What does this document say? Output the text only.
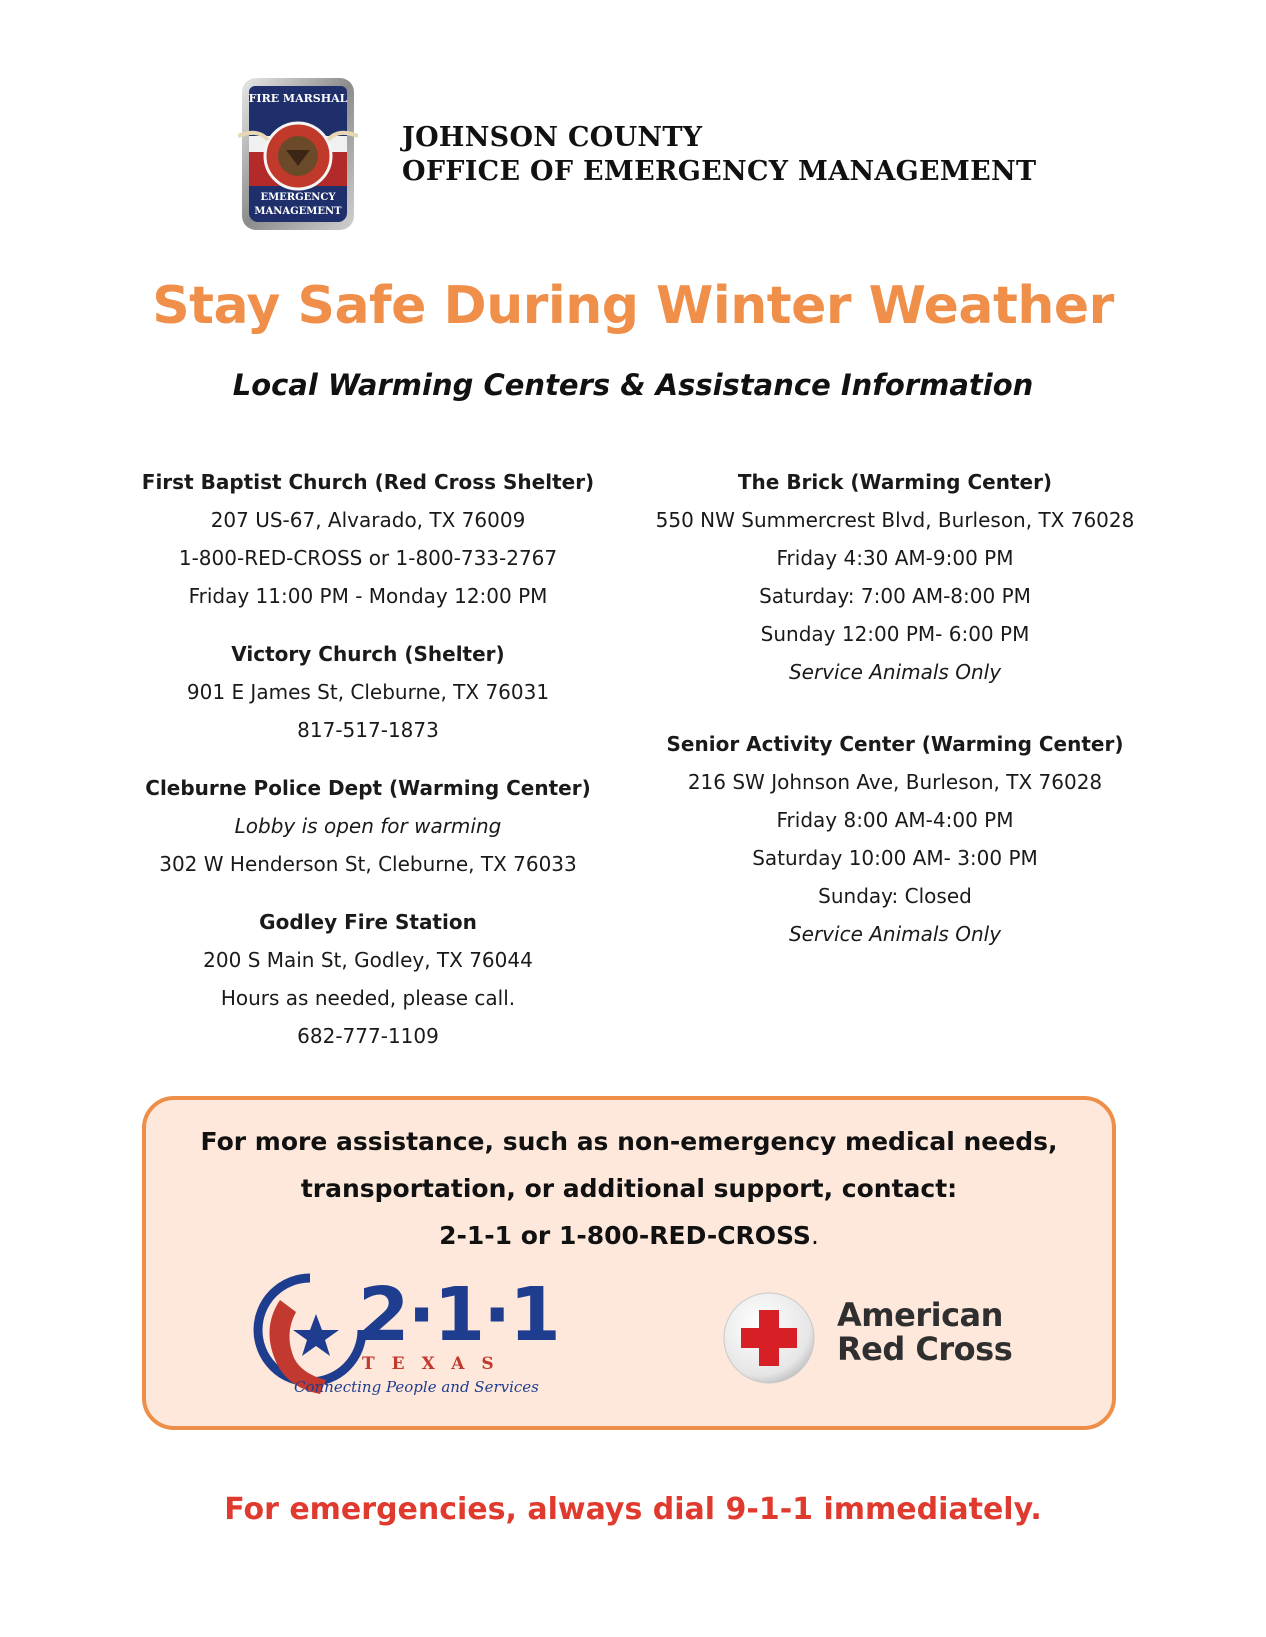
FIRE MARSHAL
EMERGENCY
MANAGEMENT
JOHNSON COUNTY
OFFICE OF EMERGENCY MANAGEMENT
Stay Safe During Winter Weather
Local Warming Centers & Assistance Information
First Baptist Church (Red Cross Shelter)
207 US-67, Alvarado, TX 76009
1-800-RED-CROSS or 1-800-733-2767
Friday 11:00 PM - Monday 12:00 PM
Victory Church (Shelter)
901 E James St, Cleburne, TX 76031
817-517-1873
Cleburne Police Dept (Warming Center)
Lobby is open for warming
302 W Henderson St, Cleburne, TX 76033
Godley Fire Station
200 S Main St, Godley, TX 76044
Hours as needed, please call.
682-777-1109
The Brick (Warming Center)
550 NW Summercrest Blvd, Burleson, TX 76028
Friday 4:30 AM-9:00 PM
Saturday: 7:00 AM-8:00 PM
Sunday 12:00 PM- 6:00 PM
Service Animals Only
Senior Activity Center (Warming Center)
216 SW Johnson Ave, Burleson, TX 76028
Friday 8:00 AM-4:00 PM
Saturday 10:00 AM- 3:00 PM
Sunday: Closed
Service Animals Only
For more assistance, such as non-emergency medical needs,
transportation, or additional support, contact:
2-1-1 or 1-800-RED-CROSS.
2·1·1
TEXAS
Connecting People and Services
American
Red Cross
For emergencies, always dial 9-1-1 immediately.
